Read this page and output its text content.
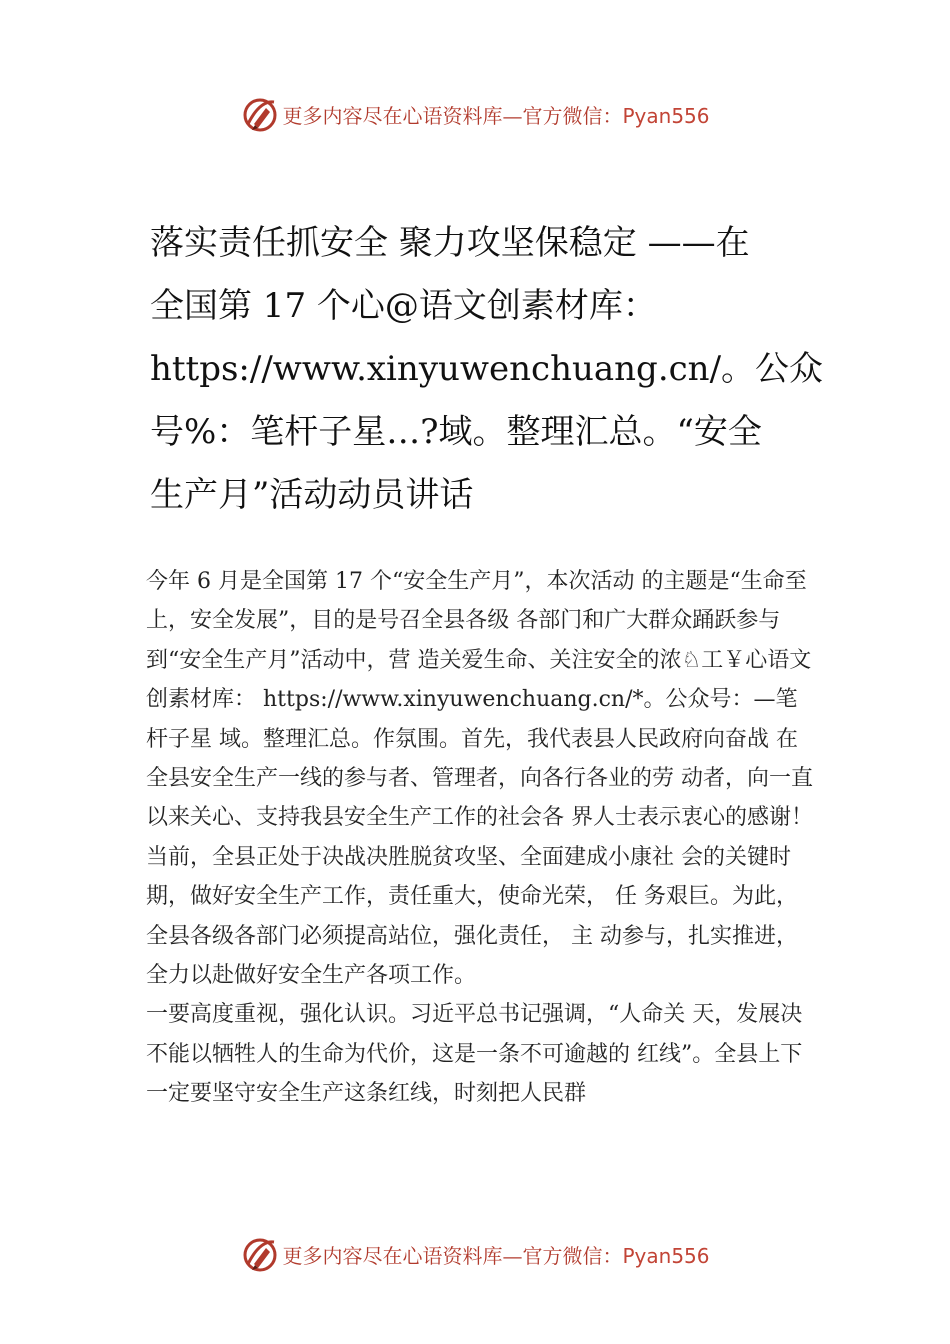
更多内容尽在心语资料库—官方微信：Pyan556
落实责任抓安全 聚力攻坚保稳定 ——在
全国第 17 个心@语文创素材库：
https://www.xinyuwenchuang.cn/。公众
号%：笔杆子星…?域。整理汇总。“安全
生产月”活动动员讲话
今年 6 月是全国第 17 个“安全生产月”，本次活动 的主题是“生命至上，安全发展”，目的是号召全县各级 各部门和广大群众踊跃参与到“安全生产月”活动中，营 造关爱生命、关注安全的浓♘工￥心语文创素材库： https://www.xinyuwenchuang.cn/*。公众号：—笔杆子星 域。整理汇总。作氛围。首先，我代表县人民政府向奋战 在全县安全生产一线的参与者、管理者，向各行各业的劳 动者，向一直以来关心、支持我县安全生产工作的社会各 界人士表示衷心的感谢！
当前，全县正处于决战决胜脱贫攻坚、全面建成小康社 会的关键时期，做好安全生产工作，责任重大，使命光荣， 任 务艰巨。为此，全县各级各部门必须提高站位，强化责任， 主 动参与，扎实推进，全力以赴做好安全生产各项工作。
一要高度重视，强化认识。习近平总书记强调，“人命关 天，发展决不能以牺牲人的生命为代价，这是一条不可逾越的 红线”。全县上下一定要坚守安全生产这条红线，时刻把人民群
更多内容尽在心语资料库—官方微信：Pyan556
